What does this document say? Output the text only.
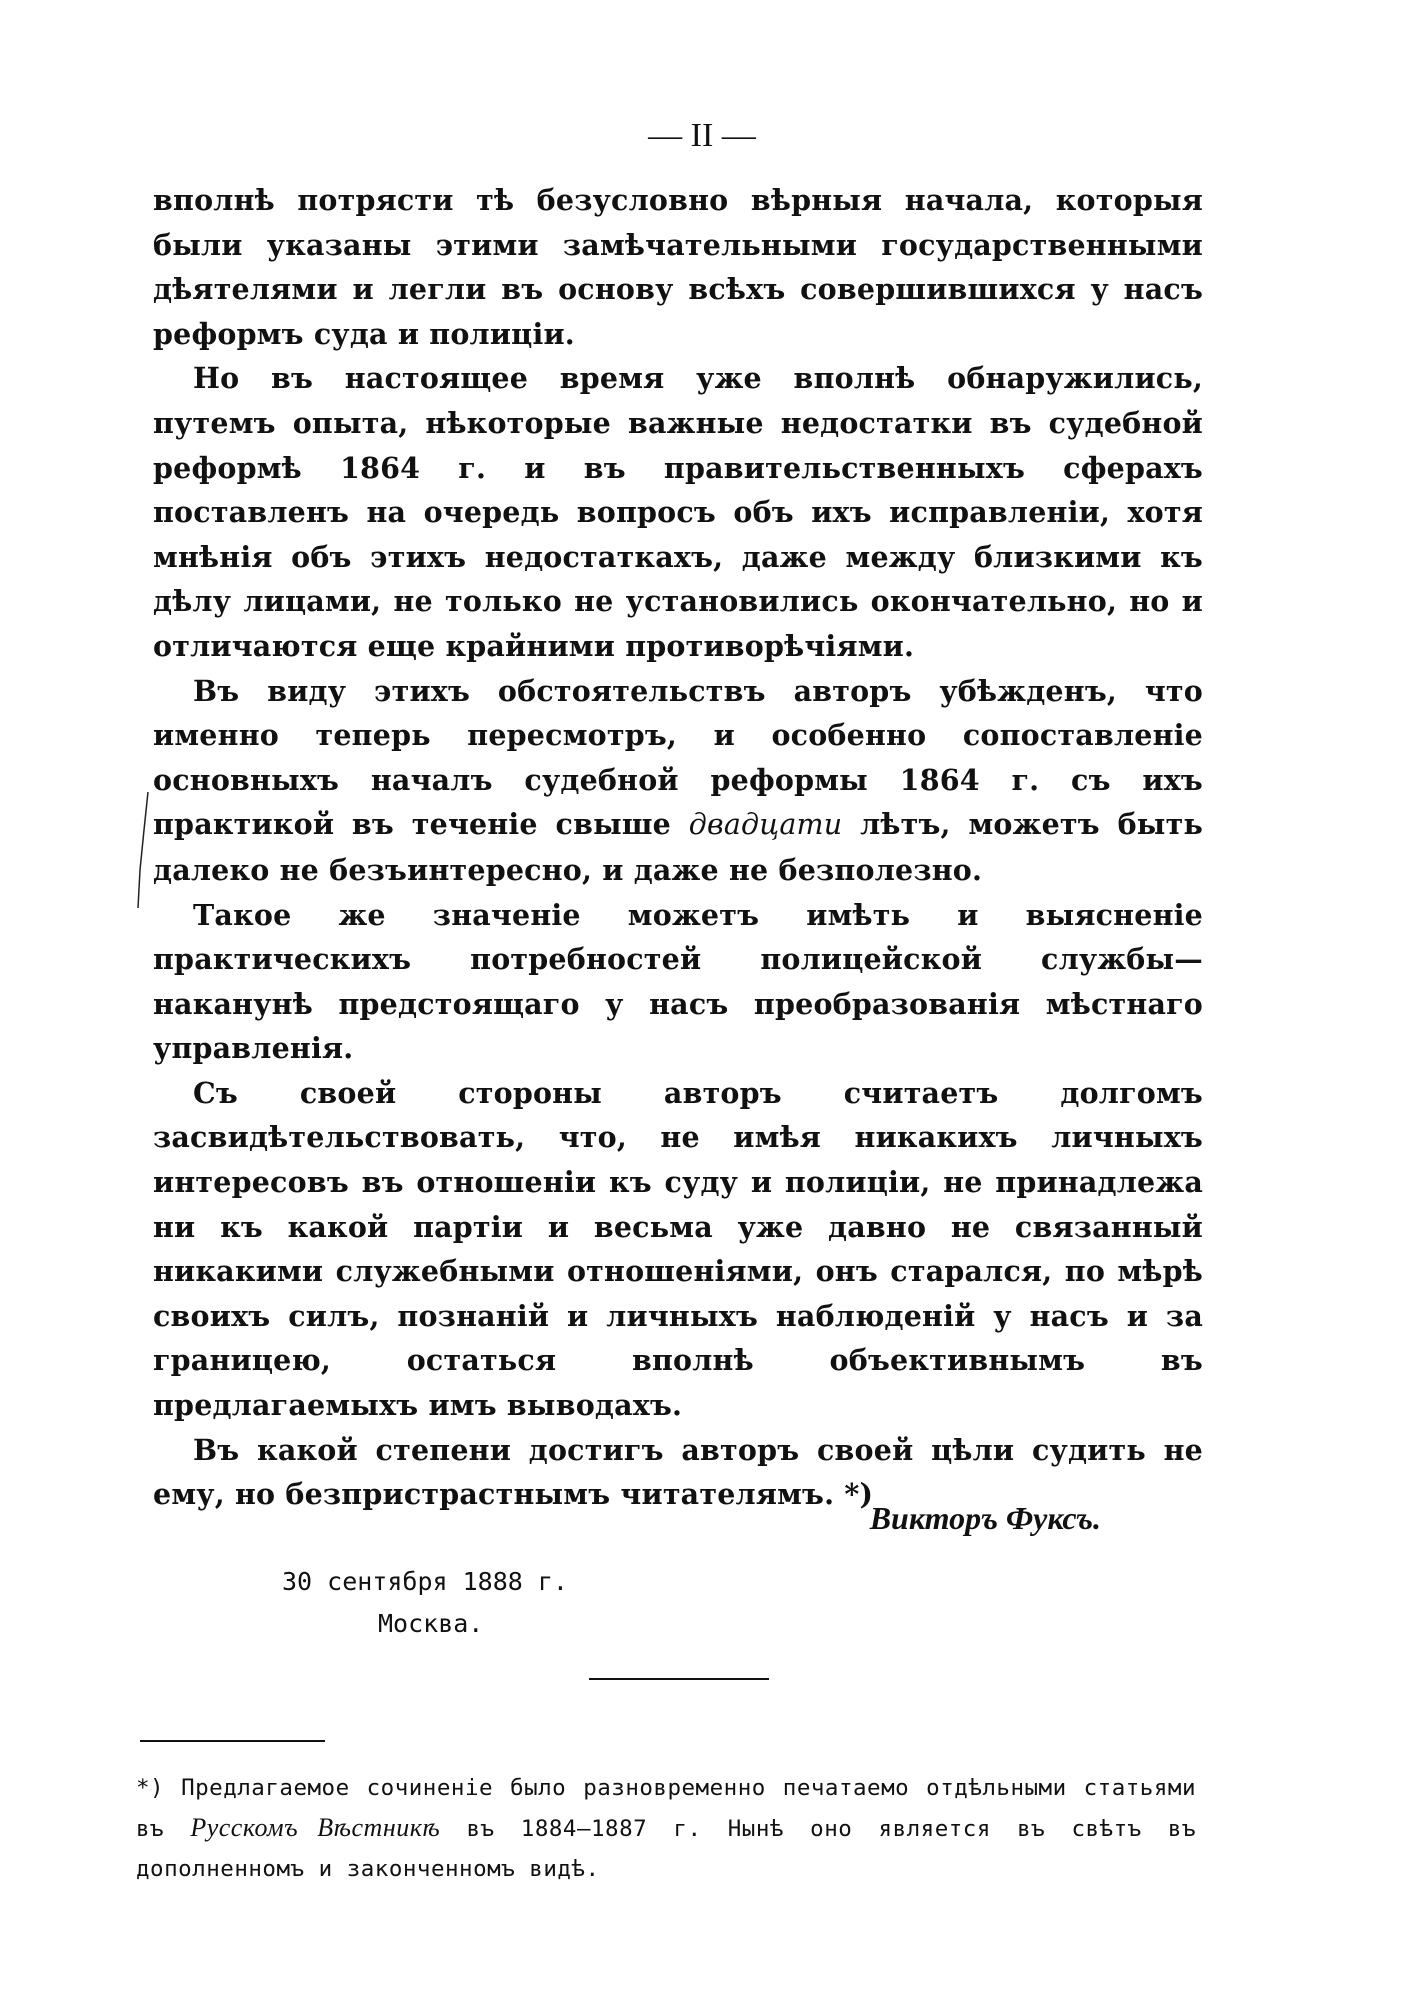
— II —

вполнѣ потрясти тѣ безусловно вѣрныя начала, которыя были указаны этими замѣчательными государственными дѣятелями и легли въ основу всѣхъ совершившихся у насъ реформъ суда и полиціи.

Но въ настоящее время уже вполнѣ обнаружились, путемъ опыта, нѣкоторые важные недостатки въ судебной реформѣ 1864 г. и въ правительственныхъ сферахъ поставленъ на очередь вопросъ объ ихъ исправленіи, хотя мнѣнія объ этихъ недостаткахъ, даже между близкими къ дѣлу лицами, не только не установились окончательно, но и отличаются еще крайними противорѣчіями.

Въ виду этихъ обстоятельствъ авторъ убѣжденъ, что именно теперь пересмотръ, и особенно сопоставленіе основныхъ началъ судебной реформы 1864 г. съ ихъ практикой въ теченіе свыше двадцати лѣтъ, можетъ быть далеко не безъинтересно, и даже не безполезно.

Такое же значеніе можетъ имѣть и выясненіе практическихъ потребностей полицейской службы—наканунѣ предстоящаго у насъ преобразованія мѣстнаго управленія.

Съ своей стороны авторъ считаетъ долгомъ засвидѣтельствовать, что, не имѣя никакихъ личныхъ интересовъ въ отношеніи къ суду и полиціи, не принадлежа ни къ какой партіи и весьма уже давно не связанный никакими служебными отношеніями, онъ старался, по мѣрѣ своихъ силъ, познаній и личныхъ наблюденій у насъ и за границею, остаться вполнѣ объективнымъ въ предлагаемыхъ имъ выводахъ.

Въ какой степени достигъ авторъ своей цѣли судить не ему, но безпристрастнымъ читателямъ. *)

Викторъ Фуксъ.
30 сентября 1888 г.
Москва.
*) Предлагаемое сочиненіе было разновременно печатаемо отдѣльными статьями въ Русскомъ Вѣстникѣ въ 1884—1887 г. Нынѣ оно является въ свѣтъ въ дополненномъ и законченномъ видѣ.
